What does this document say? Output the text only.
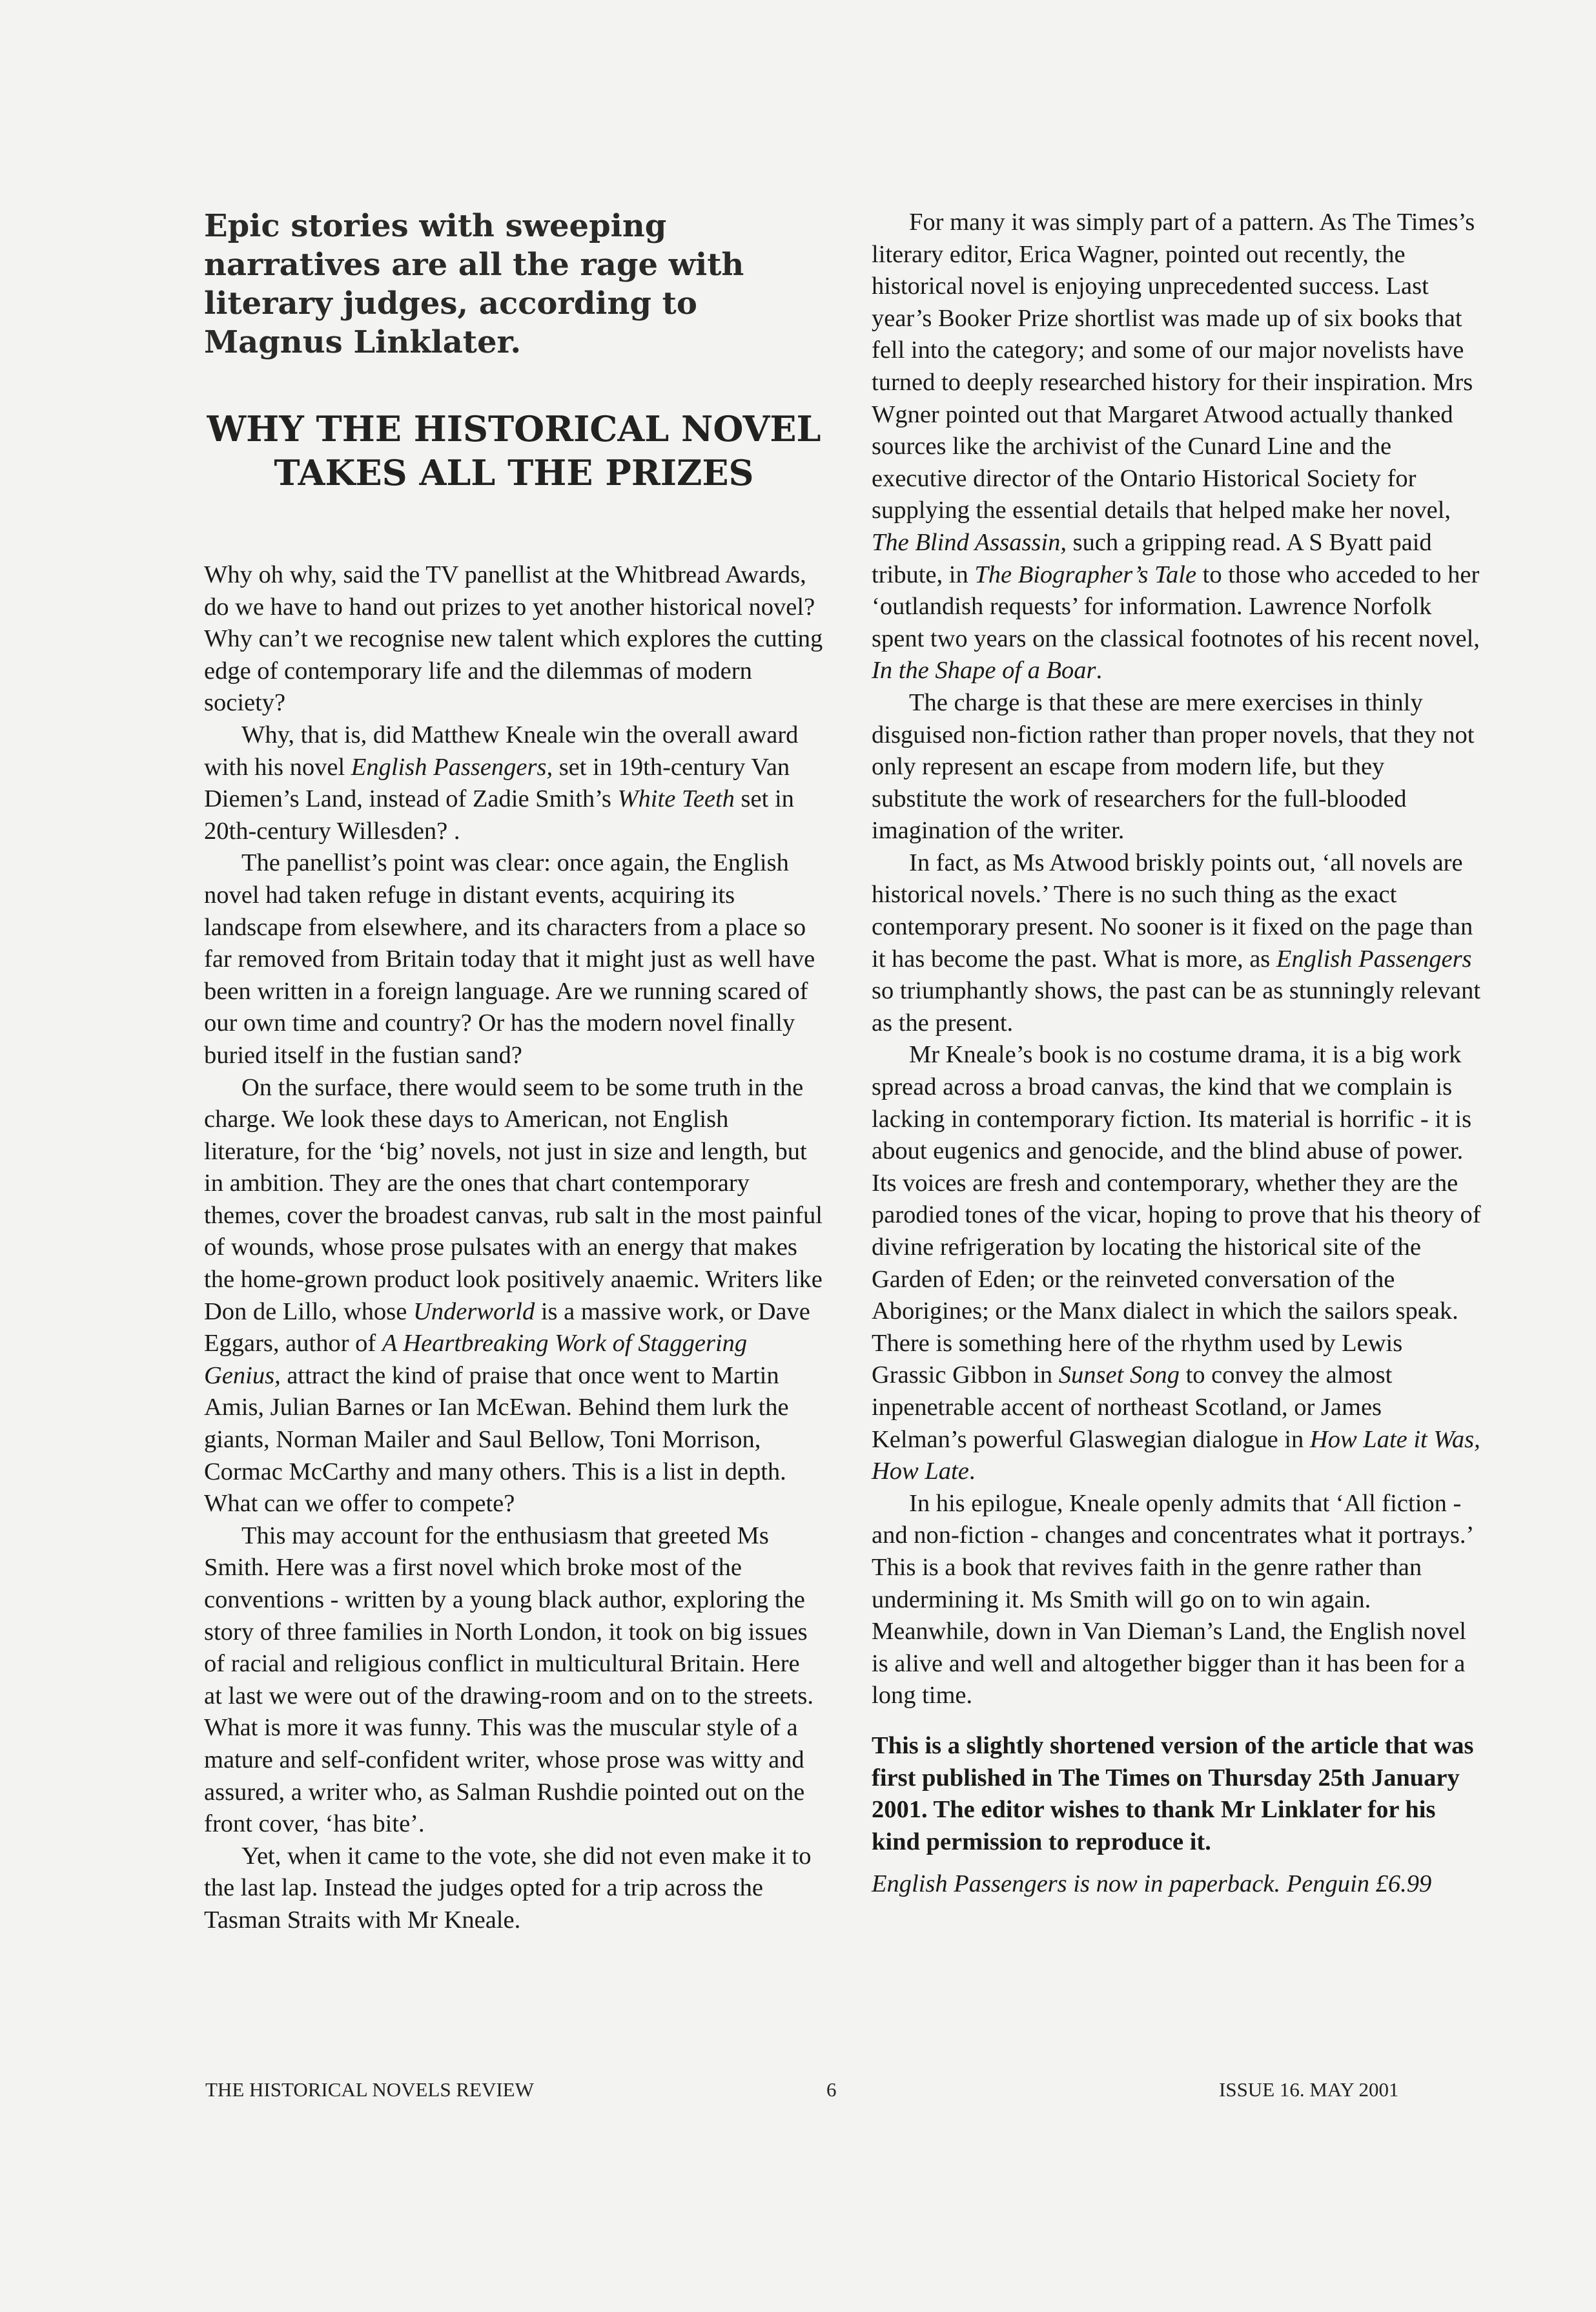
Epic stories with sweeping narratives are all the rage with literary judges, according to Magnus Linklater.
WHY THE HISTORICAL NOVEL TAKES ALL THE PRIZES

Why oh why, said the TV panellist at the Whitbread Awards, do we have to hand out prizes to yet another historical novel? Why can’t we recognise new talent which explores the cutting edge of contemporary life and the dilemmas of modern society?

Why, that is, did Matthew Kneale win the overall award with his novel English Passengers, set in 19th-century Van Diemen’s Land, instead of Zadie Smith’s White Teeth set in 20th-century Willesden? .

The panellist’s point was clear: once again, the English novel had taken refuge in distant events, acquiring its landscape from elsewhere, and its characters from a place so far removed from Britain today that it might just as well have been written in a foreign language. Are we running scared of our own time and country? Or has the modern novel finally buried itself in the fustian sand?

On the surface, there would seem to be some truth in the charge. We look these days to American, not English literature, for the ‘big’ novels, not just in size and length, but in ambition. They are the ones that chart contemporary themes, cover the broadest canvas, rub salt in the most painful of wounds, whose prose pulsates with an energy that makes the home-grown product look positively anaemic. Writers like Don de Lillo, whose Underworld is a massive work, or Dave Eggars, author of A Heartbreaking Work of Staggering Genius, attract the kind of praise that once went to Martin Amis, Julian Barnes or Ian McEwan. Behind them lurk the giants, Norman Mailer and Saul Bellow, Toni Morrison, Cormac McCarthy and many others. This is a list in depth. What can we offer to compete?

This may account for the enthusiasm that greeted Ms Smith. Here was a first novel which broke most of the conventions - written by a young black author, exploring the story of three families in North London, it took on big issues of racial and religious conflict in multicultural Britain. Here at last we were out of the drawing-room and on to the streets. What is more it was funny. This was the muscular style of a mature and self-confident writer, whose prose was witty and assured, a writer who, as Salman Rushdie pointed out on the front cover, ‘has bite’.

Yet, when it came to the vote, she did not even make it to the last lap. Instead the judges opted for a trip across the Tasman Straits with Mr Kneale.

For many it was simply part of a pattern. As The Times’s literary editor, Erica Wagner, pointed out recently, the historical novel is enjoying unprecedented success. Last year’s Booker Prize shortlist was made up of six books that fell into the category; and some of our major novelists have turned to deeply researched history for their inspiration. Mrs Wgner pointed out that Margaret Atwood actually thanked sources like the archivist of the Cunard Line and the executive director of the Ontario Historical Society for supplying the essential details that helped make her novel, The Blind Assassin, such a gripping read. A S Byatt paid tribute, in The Biographer’s Tale to those who acceded to her ‘outlandish requests’ for information. Lawrence Norfolk spent two years on the classical footnotes of his recent novel, In the Shape of a Boar.

The charge is that these are mere exercises in thinly disguised non-fiction rather than proper novels, that they not only represent an escape from modern life, but they substitute the work of researchers for the full-blooded imagination of the writer.

In fact, as Ms Atwood briskly points out, ‘all novels are historical novels.’ There is no such thing as the exact contemporary present. No sooner is it fixed on the page than it has become the past. What is more, as English Passengers so triumphantly shows, the past can be as stunningly relevant as the present.

Mr Kneale’s book is no costume drama, it is a big work spread across a broad canvas, the kind that we complain is lacking in contemporary fiction. Its material is horrific - it is about eugenics and genocide, and the blind abuse of power. Its voices are fresh and contemporary, whether they are the parodied tones of the vicar, hoping to prove that his theory of divine refrigeration by locating the historical site of the Garden of Eden; or the reinveted conversation of the Aborigines; or the Manx dialect in which the sailors speak. There is something here of the rhythm used by Lewis Grassic Gibbon in Sunset Song to convey the almost inpenetrable accent of northeast Scotland, or James Kelman’s powerful Glaswegian dialogue in How Late it Was, How Late.

In his epilogue, Kneale openly admits that ‘All fiction - and non-fiction - changes and concentrates what it portrays.’ This is a book that revives faith in the genre rather than undermining it. Ms Smith will go on to win again. Meanwhile, down in Van Dieman’s Land, the English novel is alive and well and altogether bigger than it has been for a long time.

This is a slightly shortened version of the article that was first published in The Times on Thursday 25th January 2001. The editor wishes to thank Mr Linklater for his kind permission to reproduce it.

English Passengers is now in paperback. Penguin £6.99

THE HISTORICAL NOVELS REVIEW	6	ISSUE 16. MAY 2001
